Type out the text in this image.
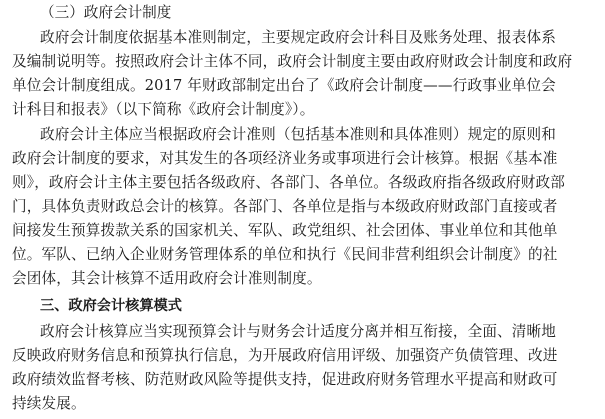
（三）政府会计制度
政府会计制度依据基本准则制定，主要规定政府会计科目及账务处理、报表体系
及编制说明等。按照政府会计主体不同，政府会计制度主要由政府财政会计制度和政府
单位会计制度组成。2017 年财政部制定出台了《政府会计制度——行政事业单位会
计科目和报表》（以下简称《政府会计制度》）。
政府会计主体应当根据政府会计准则（包括基本准则和具体准则）规定的原则和
政府会计制度的要求，对其发生的各项经济业务或事项进行会计核算。根据《基本准
则》，政府会计主体主要包括各级政府、各部门、各单位。各级政府指各级政府财政部
门，具体负责财政总会计的核算。各部门、各单位是指与本级政府财政部门直接或者
间接发生预算拨款关系的国家机关、军队、政党组织、社会团体、事业单位和其他单
位。军队、已纳入企业财务管理体系的单位和执行《民间非营利组织会计制度》的社
会团体，其会计核算不适用政府会计准则制度。
三、政府会计核算模式
政府会计核算应当实现预算会计与财务会计适度分离并相互衔接，全面、清晰地
反映政府财务信息和预算执行信息，为开展政府信用评级、加强资产负债管理、改进
政府绩效监督考核、防范财政风险等提供支持，促进政府财务管理水平提高和财政可
持续发展。
